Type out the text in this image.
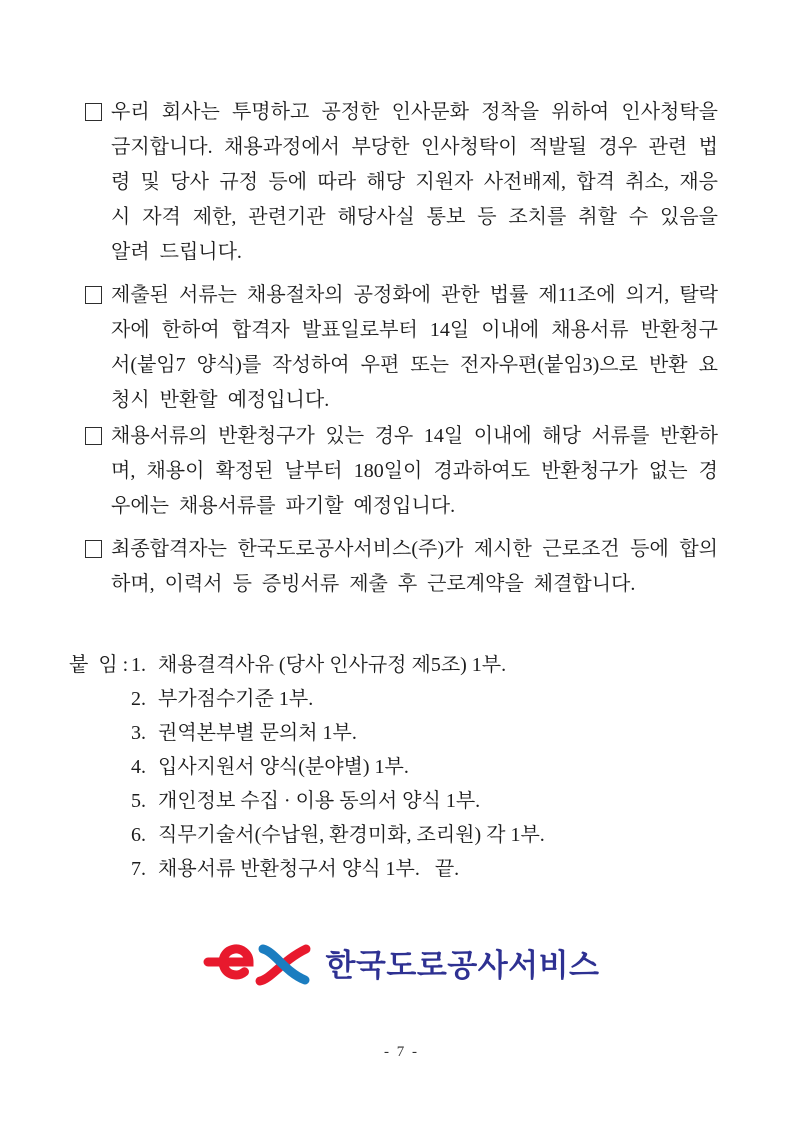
우리 회사는 투명하고 공정한 인사문화 정착을 위하여 인사청탁을 금지합니다. 채용과정에서 부당한 인사청탁이 적발될 경우 관련 법령 및 당사 규정 등에 따라 해당 지원자 사전배제, 합격 취소, 재응시 자격 제한, 관련기관 해당사실 통보 등 조치를 취할 수 있음을 알려 드립니다.
제출된 서류는 채용절차의 공정화에 관한 법률 제11조에 의거, 탈락자에 한하여 합격자 발표일로부터 14일 이내에 채용서류 반환청구서(붙임7 양식)를 작성하여 우편 또는 전자우편(붙임3)으로 반환 요청시 반환할 예정입니다.
채용서류의 반환청구가 있는 경우 14일 이내에 해당 서류를 반환하며, 채용이 확정된 날부터 180일이 경과하여도 반환청구가 없는 경우에는 채용서류를 파기할 예정입니다.
최종합격자는 한국도로공사서비스(주)가 제시한 근로조건 등에 합의하며, 이력서 등 증빙서류 제출 후 근로계약을 체결합니다.
붙  임 : 1. 채용결격사유 (당사 인사규정 제5조) 1부.
2. 부가점수기준 1부.
3. 권역본부별 문의처 1부.
4. 입사지원서 양식(분야별) 1부.
5. 개인정보 수집 · 이용 동의서 양식 1부.
6. 직무기술서(수납원, 환경미화, 조리원) 각 1부.
7. 채용서류 반환청구서 양식 1부.   끝.
한국도로공사서비스
- 7 -
